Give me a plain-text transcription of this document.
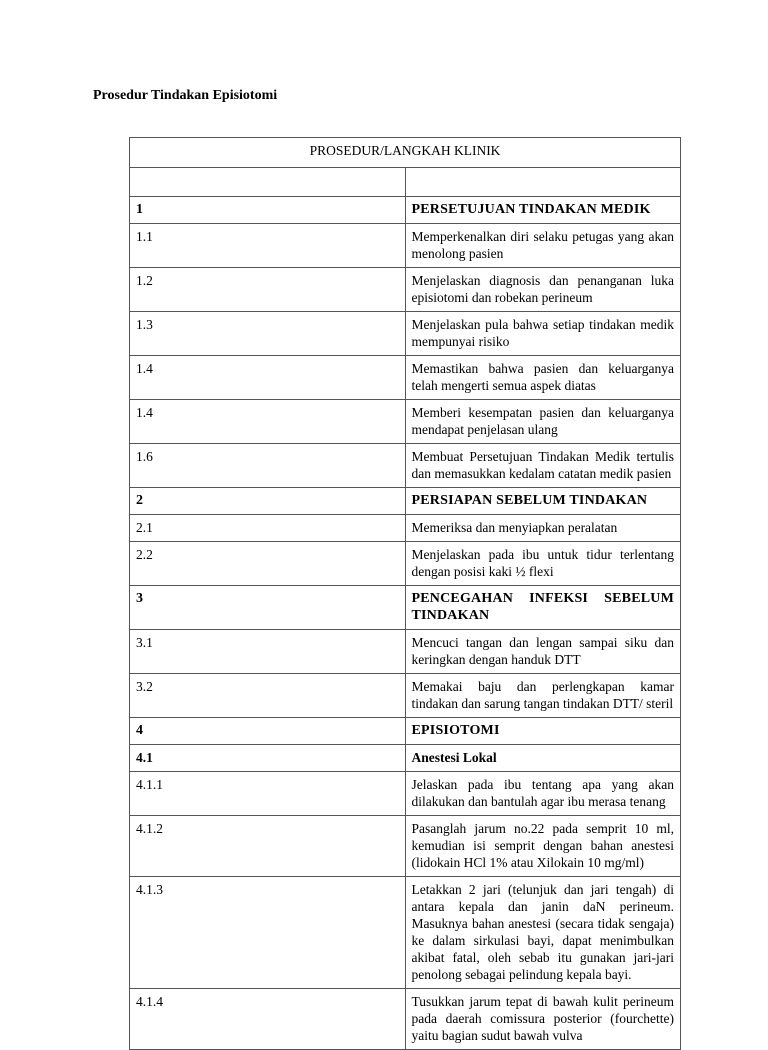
Prosedur Tindakan Episiotomi
PROSEDUR/LANGKAH KLINIK	

1	PERSETUJUAN TINDAKAN MEDIK
1.1	Memperkenalkan diri selaku petugas yang akan menolong pasien
1.2	Menjelaskan diagnosis dan penanganan luka episiotomi dan robekan perineum
1.3	Menjelaskan pula bahwa setiap tindakan medik mempunyai risiko
1.4	Memastikan bahwa pasien dan keluarganya telah mengerti semua aspek diatas
1.4	Memberi kesempatan pasien dan keluarganya mendapat penjelasan ulang
1.6	Membuat Persetujuan Tindakan Medik tertulis dan memasukkan kedalam catatan medik pasien
2	PERSIAPAN SEBELUM TINDAKAN
2.1	Memeriksa dan menyiapkan peralatan
2.2	Menjelaskan pada ibu untuk tidur terlentang dengan posisi kaki ½ flexi
3	PENCEGAHAN INFEKSI SEBELUM TINDAKAN
3.1	Mencuci tangan dan lengan sampai siku dan keringkan dengan handuk DTT
3.2	Memakai baju dan perlengkapan kamar tindakan dan sarung tangan tindakan DTT/ steril
4	EPISIOTOMI
4.1	Anestesi Lokal
4.1.1	Jelaskan pada ibu tentang apa yang akan dilakukan dan bantulah agar ibu merasa tenang
4.1.2	Pasanglah jarum no.22 pada semprit 10 ml, kemudian isi semprit dengan bahan anestesi (lidokain HCl 1% atau Xilokain 10 mg/ml)
4.1.3	Letakkan 2 jari (telunjuk dan jari tengah) di antara kepala dan janin daN perineum. Masuknya bahan anestesi (secara tidak sengaja) ke dalam sirkulasi bayi, dapat menimbulkan akibat fatal, oleh sebab itu gunakan jari-jari penolong sebagai pelindung kepala bayi.
4.1.4	Tusukkan jarum tepat di bawah kulit perineum pada daerah comissura posterior (fourchette) yaitu bagian sudut bawah vulva
